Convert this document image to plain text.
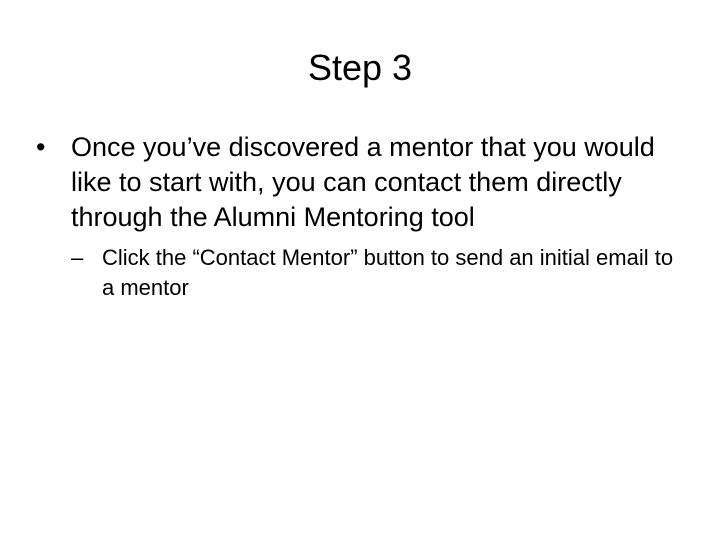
Step 3
• Once you’ve discovered a mentor that you would like to start with, you can contact them directly through the Alumni Mentoring tool
– Click the “Contact Mentor” button to send an initial email to a mentor
